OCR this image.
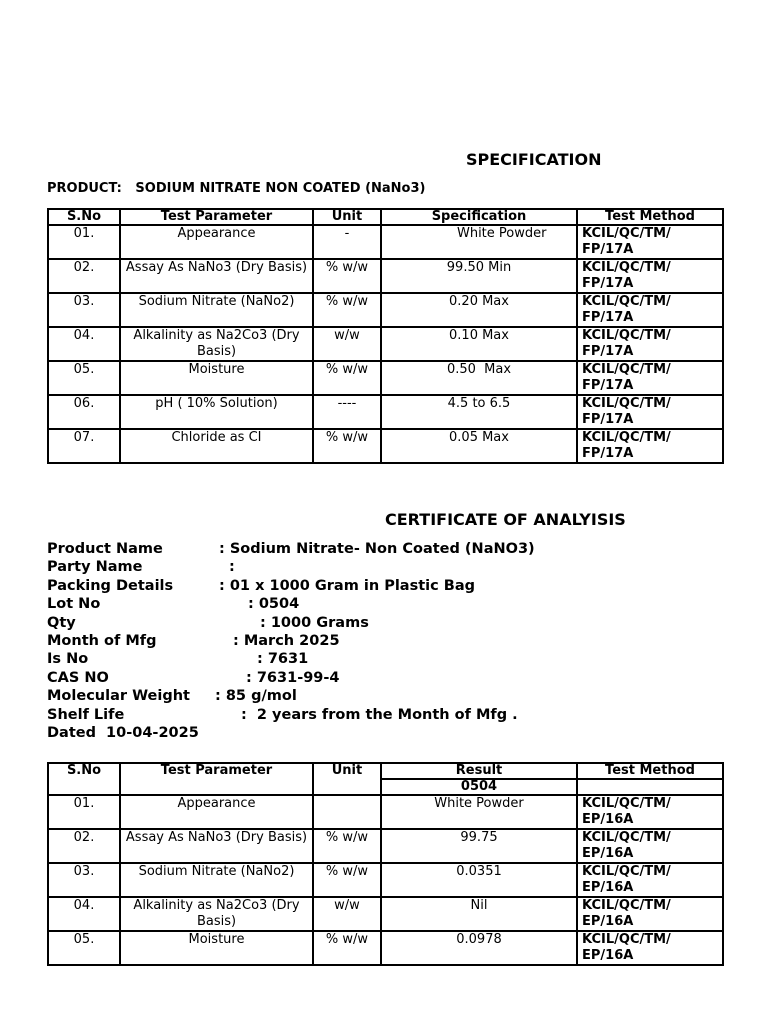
SPECIFICATION
PRODUCT:   SODIUM NITRATE NON COATED (NaNo3)
S.No	Test Parameter	Unit	Specification	Test Method
01.	Appearance	-	White Powder	KCIL/QC/TM/ FP/17A
02.	Assay As NaNo3 (Dry Basis)	% w/w	99.50 Min	KCIL/QC/TM/ FP/17A
03.	Sodium Nitrate (NaNo2)	% w/w	0.20 Max	KCIL/QC/TM/ FP/17A
04.	Alkalinity as Na2Co3 (Dry Basis)	w/w	0.10 Max	KCIL/QC/TM/ FP/17A
05.	Moisture	% w/w	0.50  Max	KCIL/QC/TM/ FP/17A
06.	pH ( 10% Solution)	----	4.5 to 6.5	KCIL/QC/TM/ FP/17A
07.	Chloride as CI	% w/w	0.05 Max	KCIL/QC/TM/ FP/17A
CERTIFICATE OF ANALYISIS
Product Name	: Sodium Nitrate- Non Coated (NaNO3)
Party Name	:
Packing Details	: 01 x 1000 Gram in Plastic Bag
Lot No	: 0504
Qty	: 1000 Grams
Month of Mfg	: March 2025
Is No	: 7631
CAS NO	: 7631-99-4
Molecular Weight : 85 g/mol
Shelf Life	:  2 years from the Month of Mfg .
Dated  10-04-2025
S.No	Test Parameter	Unit	Result	Test Method
			0504	
01.	Appearance		White Powder	KCIL/QC/TM/ EP/16A
02.	Assay As NaNo3 (Dry Basis)	% w/w	99.75	KCIL/QC/TM/ EP/16A
03.	Sodium Nitrate (NaNo2)	% w/w	0.0351	KCIL/QC/TM/ EP/16A
04.	Alkalinity as Na2Co3 (Dry Basis)	w/w	Nil	KCIL/QC/TM/ EP/16A
05.	Moisture	% w/w	0.0978	KCIL/QC/TM/ EP/16A
